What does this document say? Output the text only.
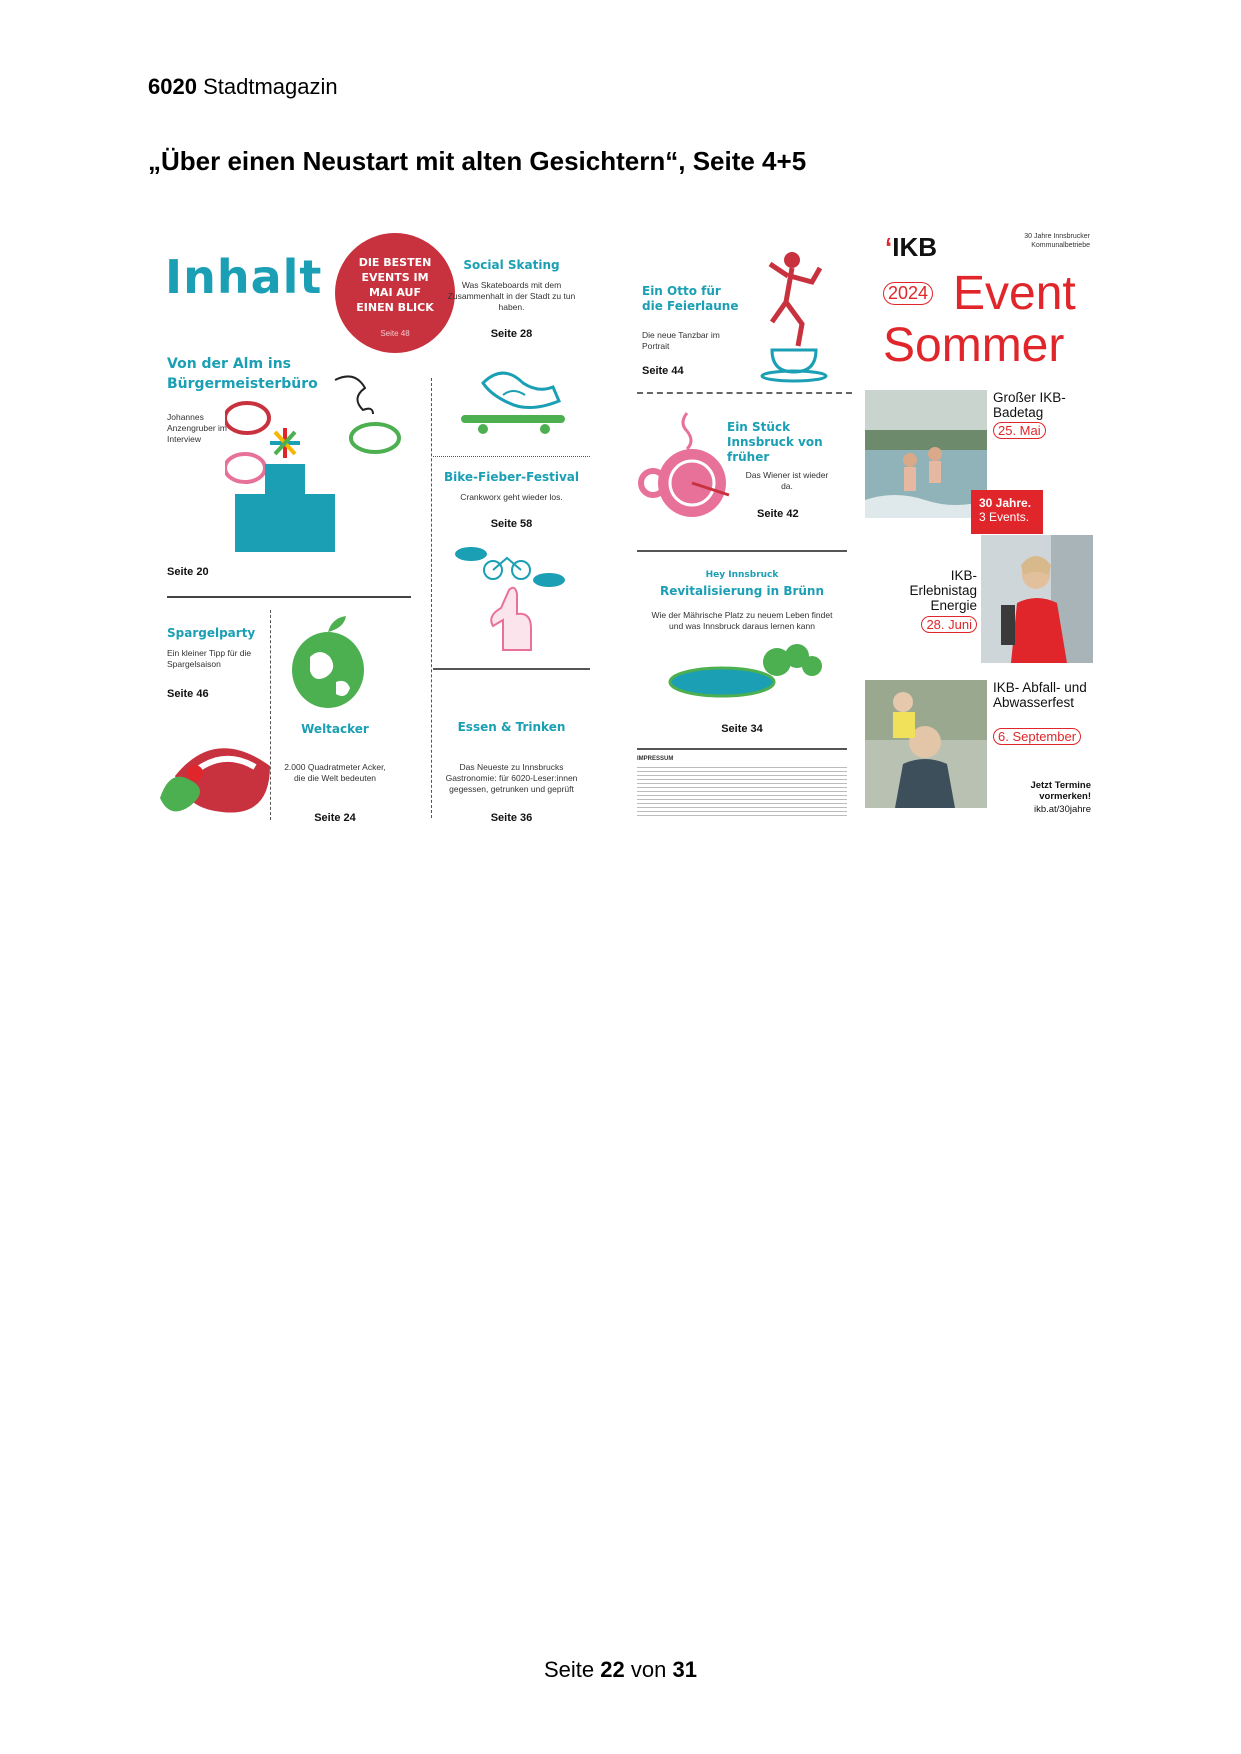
6020 Stadtmagazin
„Über einen Neustart mit alten Gesichtern“, Seite 4+5
Inhalt	DIE BESTEN EVENTS IM MAI AUF EINEN BLICK
Seite 48
Von der Alm ins Bürgermeisterbüro
Johannes Anzengruber im Interview
Seite 20
Spargelparty
Ein kleiner Tipp für die Spargelsaison
Seite 46
Weltacker
2.000 Quadratmeter Acker, die die Welt bedeuten
Seite 24
Social Skating
Was Skateboards mit dem Zusammenhalt in der Stadt zu tun haben.
Seite 28
Bike-Fieber-Festival
Crankworx geht wieder los.
Seite 58
Essen & Trinken
Das Neueste zu Innsbrucks Gastronomie: für 6020-Leser:innen gegessen, getrunken und geprüft
Seite 36
Ein Otto für die Feierlaune
Die neue Tanzbar im Portrait
Seite 44
Ein Stück Innsbruck von früher
Das Wiener ist wieder da.
Seite 42
Hey Innsbruck
Revitalisierung in Brünn
Wie der Mährische Platz zu neuem Leben findet und was Innsbruck daraus lernen kann
Seite 34
IMPRESSUM
‘IKB	30 Jahre Innsbrucker Kommunalbetriebe
2024 Event
Sommer
Großer IKB-Badetag
25. Mai
30 Jahre.
3 Events.
IKB- Erlebnistag Energie
28. Juni
IKB- Abfall- und Abwasserfest
6. September
Jetzt Termine vormerken!
ikb.at/30jahre
Seite 22 von 31
